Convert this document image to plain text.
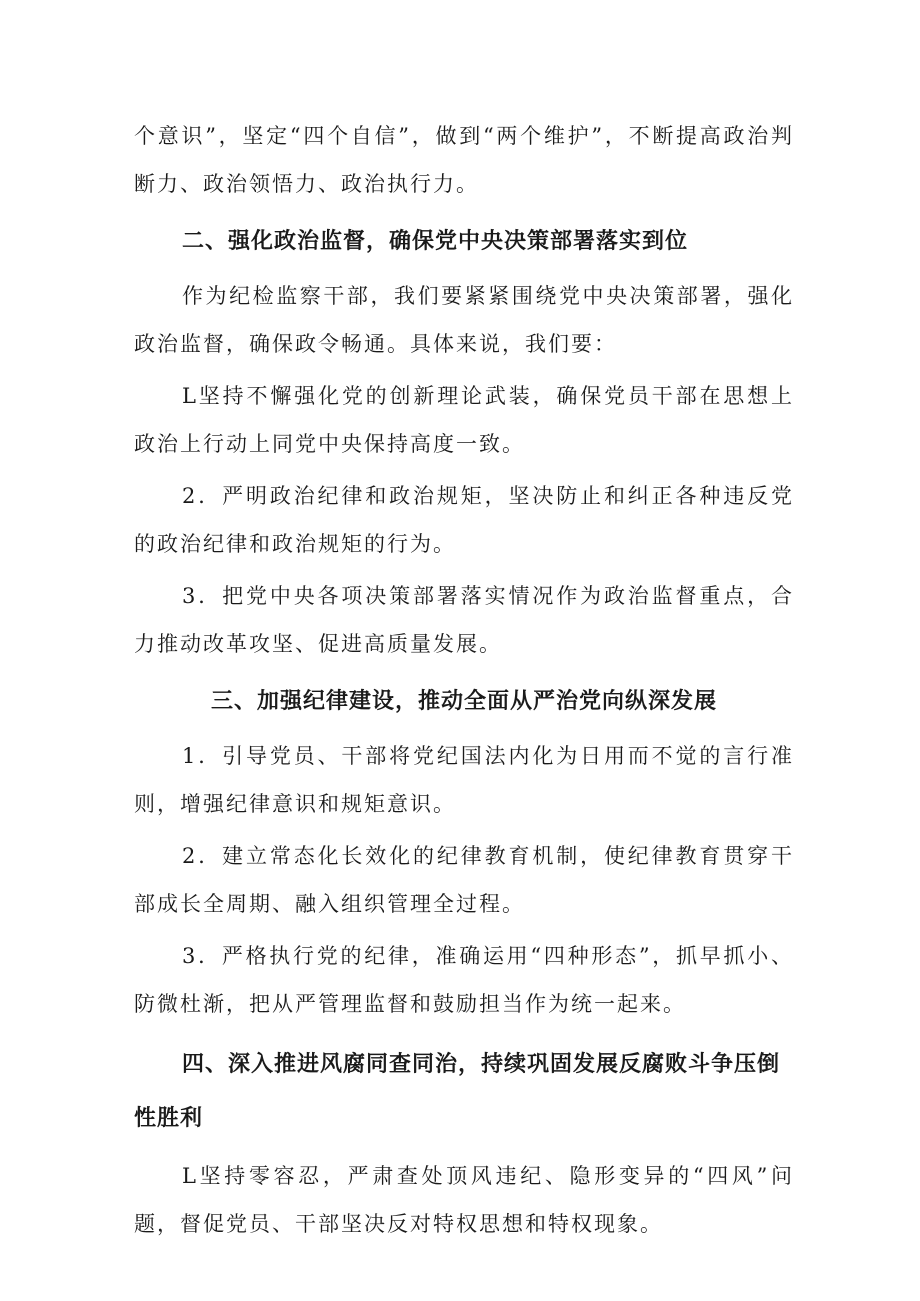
个意识”，坚定“四个自信”，做到“两个维护”，不断提高政治判断力、政治领悟力、政治执行力。

二、强化政治监督，确保党中央决策部署落实到位

作为纪检监察干部，我们要紧紧围绕党中央决策部署，强化政治监督，确保政令畅通。具体来说，我们要：

L坚持不懈强化党的创新理论武装，确保党员干部在思想上政治上行动上同党中央保持高度一致。

2．严明政治纪律和政治规矩，坚决防止和纠正各种违反党的政治纪律和政治规矩的行为。

3．把党中央各项决策部署落实情况作为政治监督重点，合力推动改革攻坚、促进高质量发展。

三、加强纪律建设，推动全面从严治党向纵深发展

1．引导党员、干部将党纪国法内化为日用而不觉的言行准则，增强纪律意识和规矩意识。

2．建立常态化长效化的纪律教育机制，使纪律教育贯穿干部成长全周期、融入组织管理全过程。

3．严格执行党的纪律，准确运用“四种形态”，抓早抓小、防微杜渐，把从严管理监督和鼓励担当作为统一起来。

四、深入推进风腐同查同治，持续巩固发展反腐败斗争压倒性胜利

L坚持零容忍，严肃查处顶风违纪、隐形变异的“四风”问题，督促党员、干部坚决反对特权思想和特权现象。
